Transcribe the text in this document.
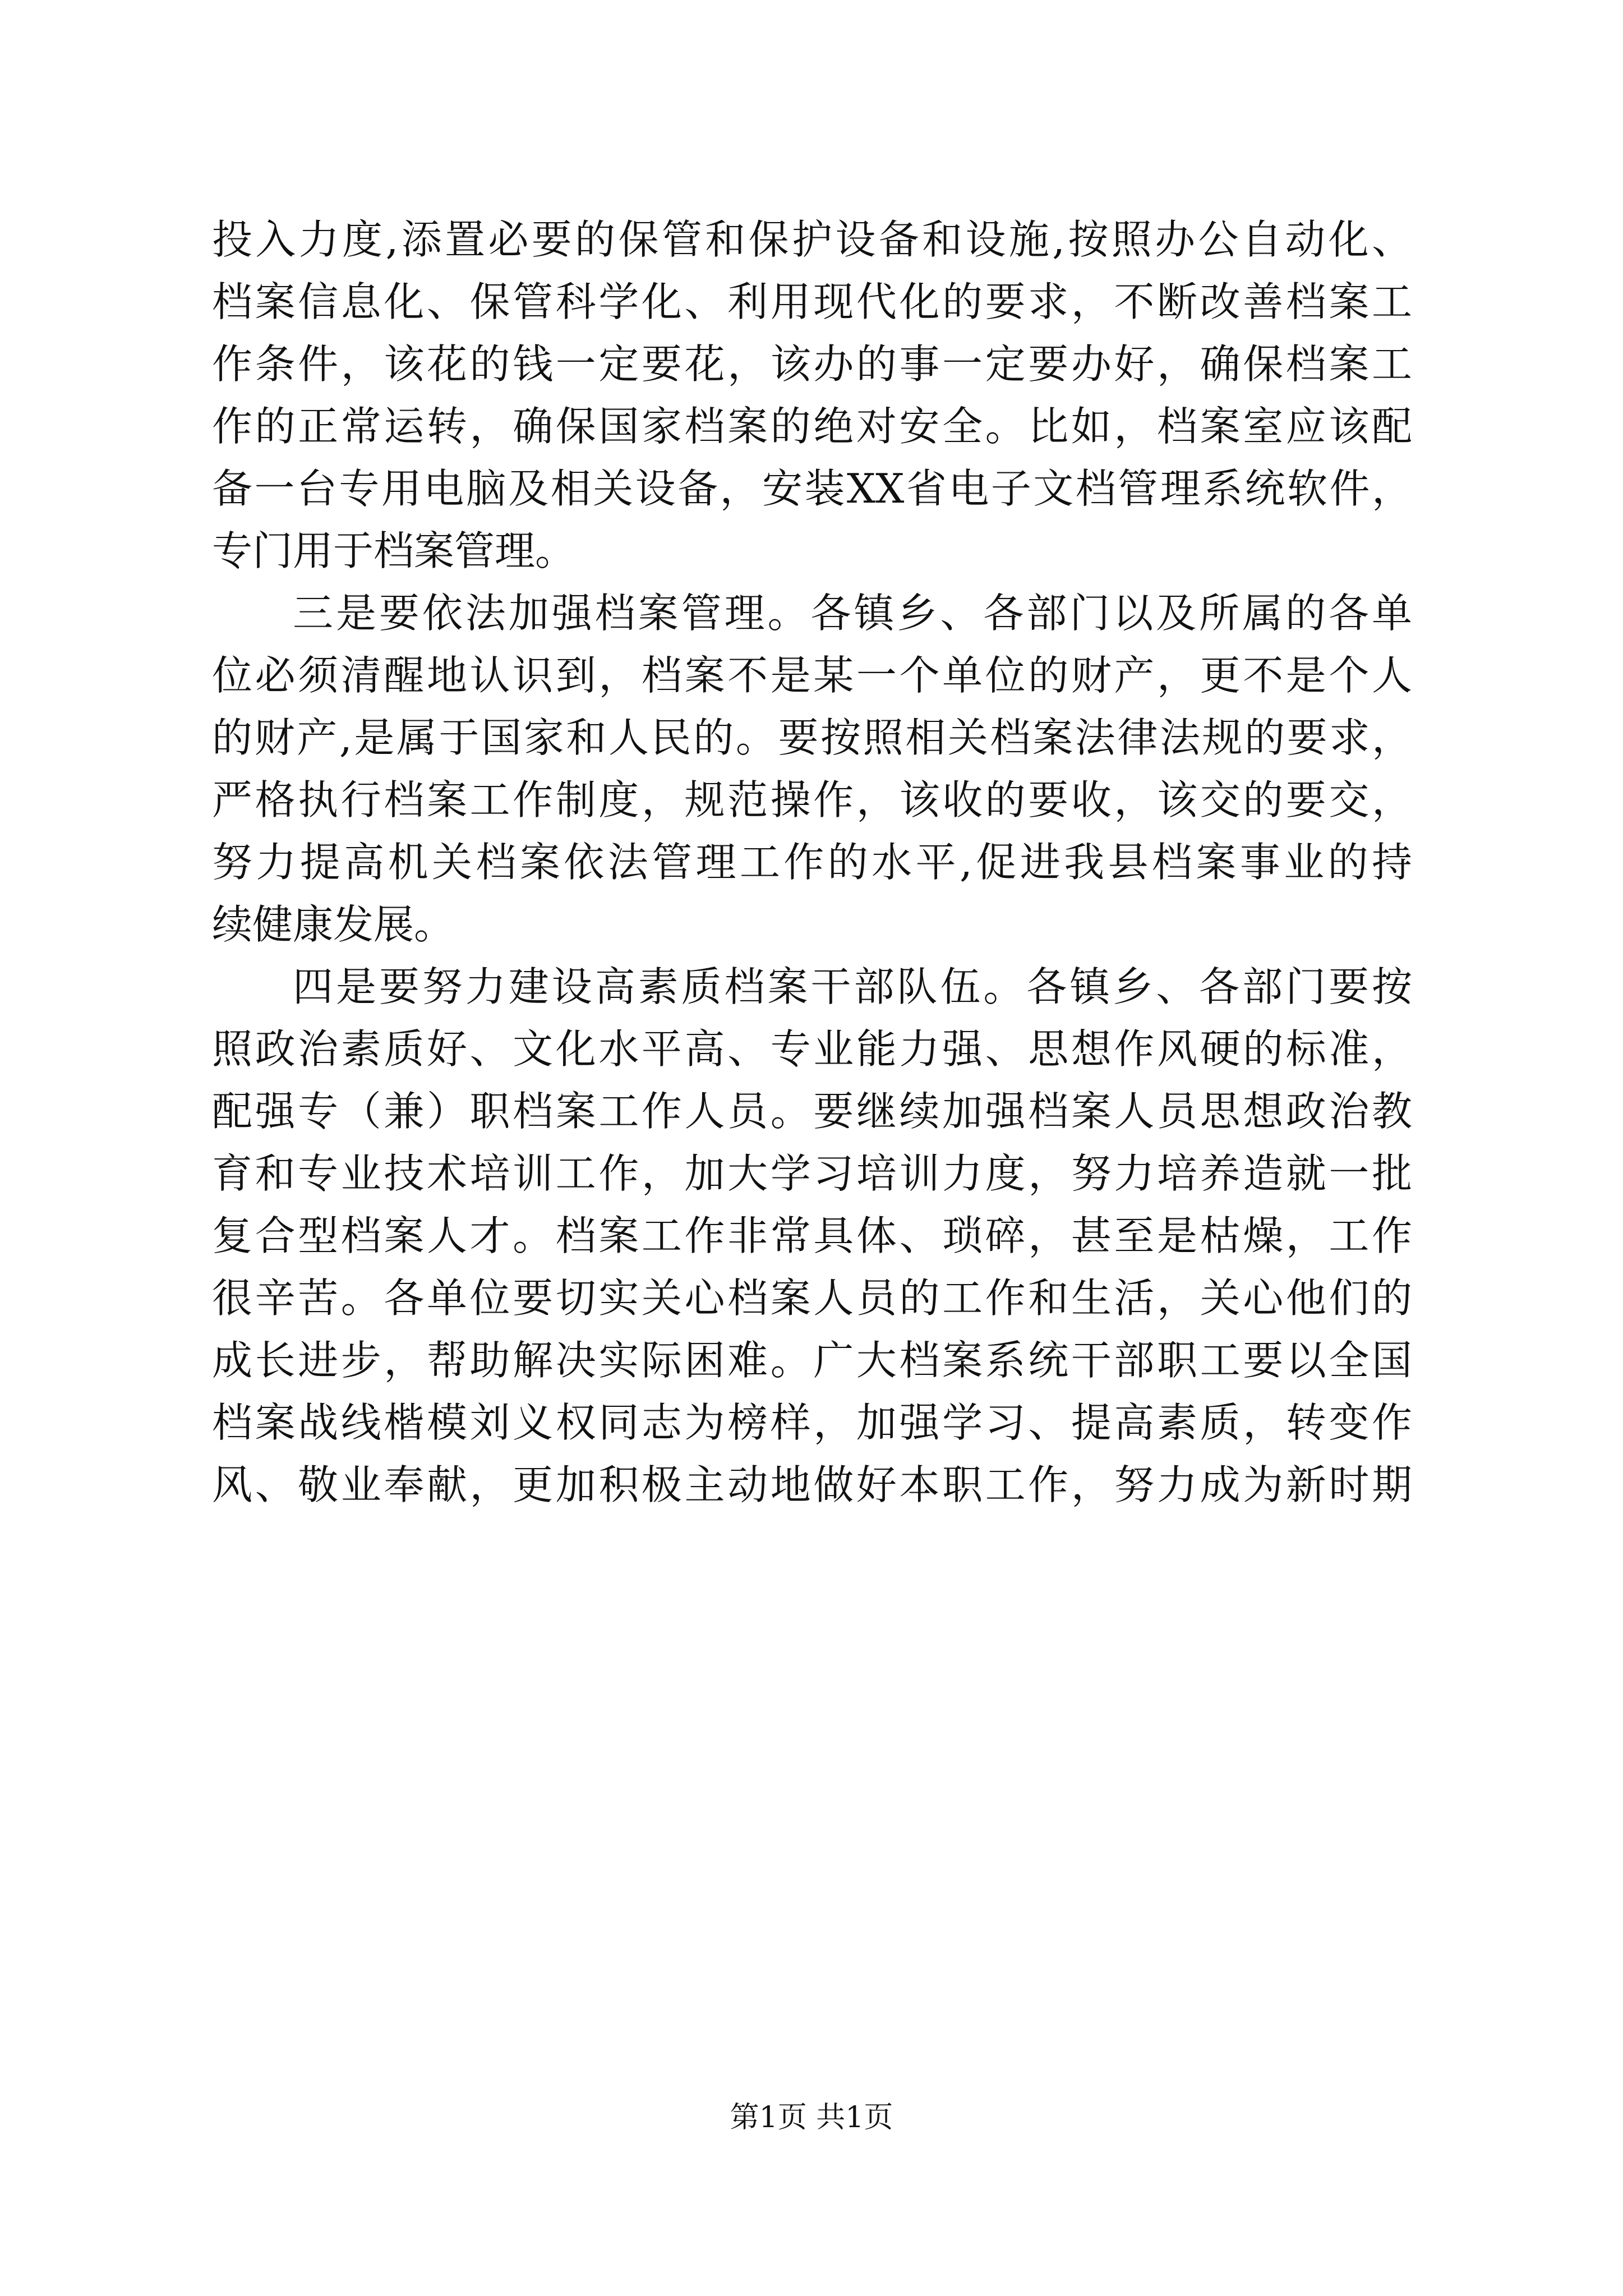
投入力度,添置必要的保管和保护设备和设施,按照办公自动化、
档案信息化、保管科学化、利用现代化的要求，不断改善档案工
作条件，该花的钱一定要花，该办的事一定要办好，确保档案工
作的正常运转，确保国家档案的绝对安全。比如，档案室应该配
备一台专用电脑及相关设备，安装XX省电子文档管理系统软件，
专门用于档案管理。
三是要依法加强档案管理。各镇乡、各部门以及所属的各单
位必须清醒地认识到，档案不是某一个单位的财产，更不是个人
的财产,是属于国家和人民的。要按照相关档案法律法规的要求，
严格执行档案工作制度，规范操作，该收的要收，该交的要交，
努力提高机关档案依法管理工作的水平,促进我县档案事业的持
续健康发展。
四是要努力建设高素质档案干部队伍。各镇乡、各部门要按
照政治素质好、文化水平高、专业能力强、思想作风硬的标准，
配强专（兼）职档案工作人员。要继续加强档案人员思想政治教
育和专业技术培训工作，加大学习培训力度，努力培养造就一批
复合型档案人才。档案工作非常具体、琐碎，甚至是枯燥，工作
很辛苦。各单位要切实关心档案人员的工作和生活，关心他们的
成长进步，帮助解决实际困难。广大档案系统干部职工要以全国
档案战线楷模刘义权同志为榜样，加强学习、提高素质，转变作
风、敬业奉献，更加积极主动地做好本职工作，努力成为新时期
第1页 共1页
